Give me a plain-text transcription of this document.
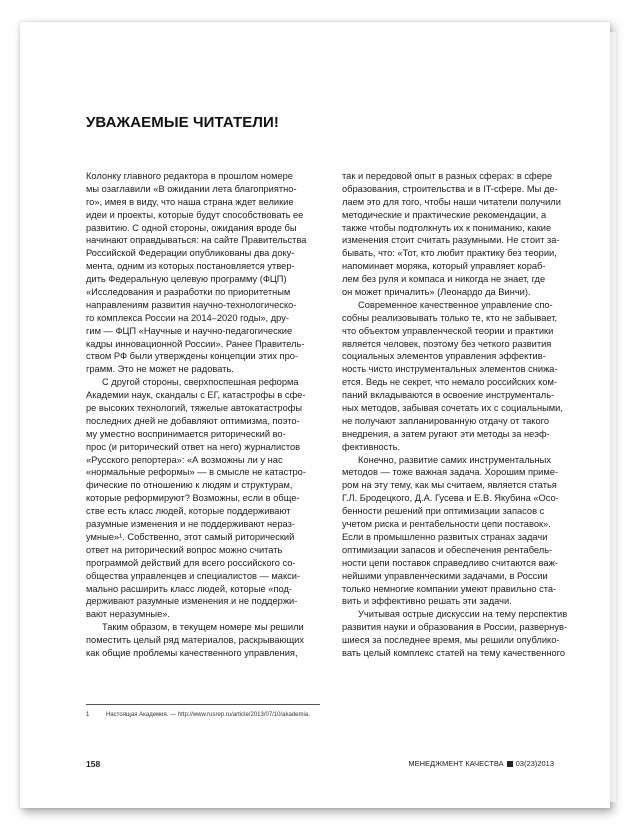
УВАЖАЕМЫЕ ЧИТАТЕЛИ!
Колонку главного редактора в прошлом номере
мы озаглавили «В ожидании лета благоприятно-
го», имея в виду, что наша страна ждет великие
идеи и проекты, которые будут способствовать ее
развитию. С одной стороны, ожидания вроде бы
начинают оправдываться: на сайте Правительства
Российской Федерации опубликованы два доку-
мента, одним из которых постановляется утвер-
дить Федеральную целевую программу (ФЦП)
«Исследования и разработки по приоритетным
направлениям развития научно-технологическо-
го комплекса России на 2014–2020 годы», дру-
гим — ФЦП «Научные и научно-педагогические
кадры инновационной России». Ранее Правитель-
ством РФ были утверждены концепции этих про-
грамм. Это не может не радовать.
С другой стороны, сверхпоспешная реформа
Академии наук, скандалы с ЕГ, катастрофы в сфе-
ре высоких технологий, тяжелые автокатастрофы
последних дней не добавляют оптимизма, поэто-
му уместно воспринимается риторический во-
прос (и риторический ответ на него) журналистов
«Русского репортера»: «А возможны ли у нас
«нормальные реформы» — в смысле не катастро-
фические по отношению к людям и структурам,
которые реформируют? Возможны, если в обще-
стве есть класс людей, которые поддерживают
разумные изменения и не поддерживают нераз-
умные»¹. Собственно, этот самый риторический
ответ на риторический вопрос можно считать
программой действий для всего российского со-
общества управленцев и специалистов — макси-
мально расширить класс людей, которые «под-
держивают разумные изменения и не поддержи-
вают неразумные».
Таким образом, в текущем номере мы решили
поместить целый ряд материалов, раскрывающих
как общие проблемы качественного управления,
так и передовой опыт в разных сферах: в сфере
образования, строительства и в IT-сфере. Мы де-
лаем это для того, чтобы наши читатели получили
методические и практические рекомендации, а
также чтобы подтолкнуть их к пониманию, какие
изменения стоит считать разумными. Не стоит за-
бывать, что: «Тот, кто любит практику без теории,
напоминает моряка, который управляет кораб-
лем без руля и компаса и никогда не знает, где
он может причалить» (Леонардо да Винчи).
Современное качественное управление спо-
собны реализовывать только те, кто не забывает,
что объектом управленческой теории и практики
является человек, поэтому без четкого развития
социальных элементов управления эффектив-
ность чисто инструментальных элементов снижа-
ется. Ведь не секрет, что немало российских ком-
паний вкладываются в освоение инструменталь-
ных методов, забывая сочетать их с социальными,
не получают запланированную отдачу от такого
внедрения, а затем ругают эти методы за неэф-
фективность.
Конечно, развитие самих инструментальных
методов — тоже важная задача. Хорошим приме-
ром на эту тему, как мы считаем, является статья
Г.Л. Бродецкого, Д.А. Гусева и Е.В. Якубина «Осо-
бенности решений при оптимизации запасов с
учетом риска и рентабельности цепи поставок».
Если в промышленно развитых странах задачи
оптимизации запасов и обеспечения рентабель-
ности цепи поставок справедливо считаются важ-
нейшими управленческими задачами, в России
только немногие компании умеют правильно ста-
вить и эффективно решать эти задачи.
Учитывая острые дискуссии на тему перспектив
развития науки и образования в России, развернув-
шиеся за последнее время, мы решили опублико-
вать целый комплекс статей на тему качественного
1	Настоящая Академия. — http://www.rusrep.ru/article/2013/07/10/akademia.
158	МЕНЕДЖМЕНТ КАЧЕСТВА 03(23)2013
